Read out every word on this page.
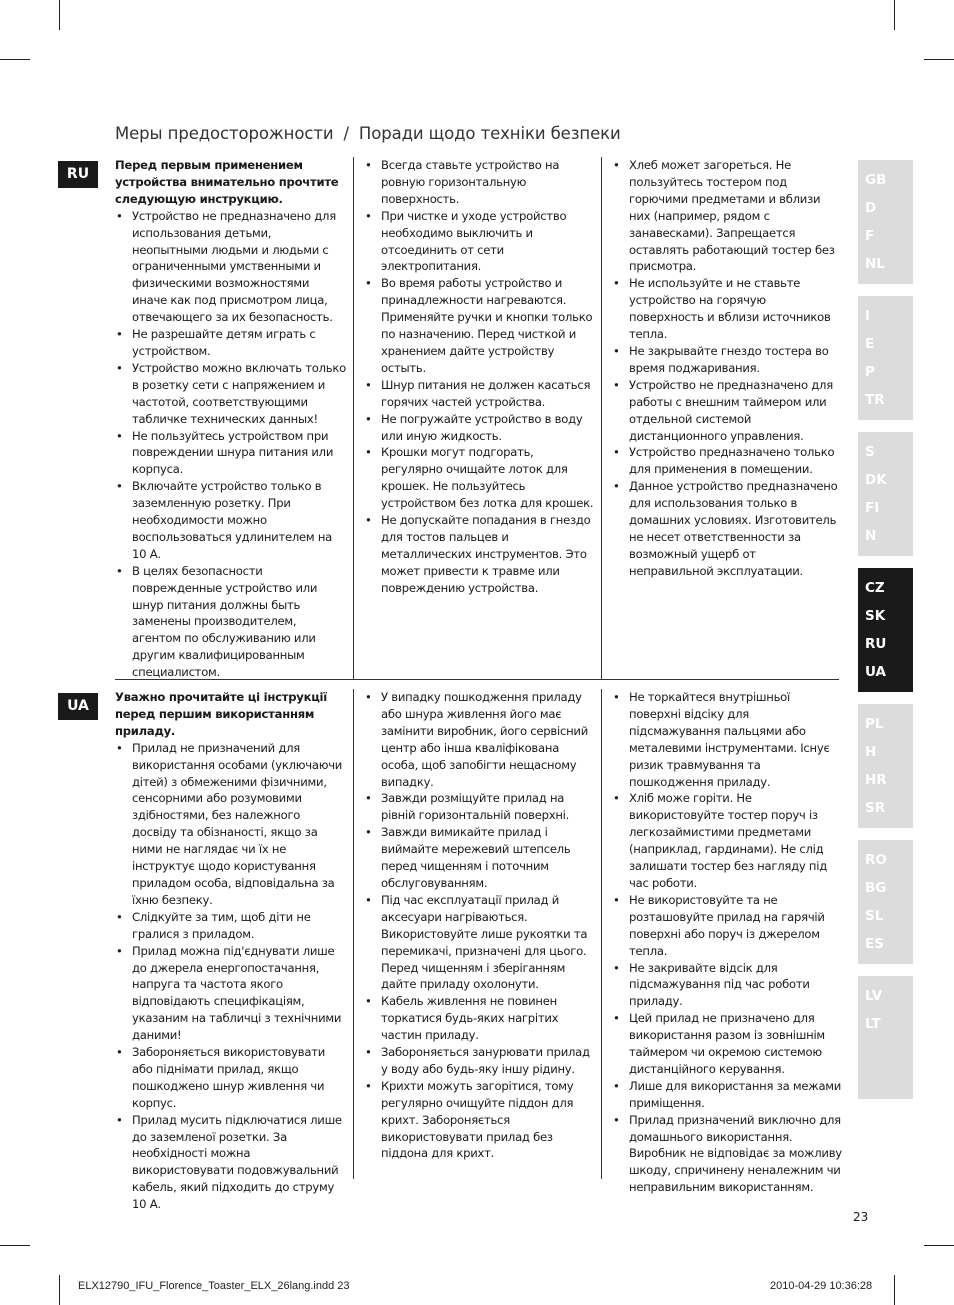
Меры предосторожности / Поради щодо техніки безпеки
RU
Перед первым применением устройства внимательно прочтите следующую инструкцию.
• Устройство не предназначено для использования детьми, неопытными людьми и людьми с ограниченными умственными и физическими возможностями иначе как под присмотром лица, отвечающего за их безопасность.
• Не разрешайте детям играть с устройством.
• Устройство можно включать только в розетку сети с напряжением и частотой, соответствующими табличке технических данных!
• Не пользуйтесь устройством при повреждении шнура питания или корпуса.
• Включайте устройство только в заземленную розетку. При необходимости можно воспользоваться удлинителем на 10 А.
• В целях безопасности поврежденные устройство или шнур питания должны быть заменены производителем, агентом по обслуживанию или другим квалифицированным специалистом.
• Всегда ставьте устройство на ровную горизонтальную поверхность.
• При чистке и уходе устройство необходимо выключить и отсоединить от сети электропитания.
• Во время работы устройство и принадлежности нагреваются. Применяйте ручки и кнопки только по назначению. Перед чисткой и хранением дайте устройству остыть.
• Шнур питания не должен касаться горячих частей устройства.
• Не погружайте устройство в воду или иную жидкость.
• Крошки могут подгорать, регулярно очищайте лоток для крошек. Не пользуйтесь устройством без лотка для крошек.
• Не допускайте попадания в гнездо для тостов пальцев и металлических инструментов. Это может привести к травме или повреждению устройства.
• Хлеб может загореться. Не пользуйтесь тостером под горючими предметами и вблизи них (например, рядом с занавесками). Запрещается оставлять работающий тостер без присмотра.
• Не используйте и не ставьте устройство на горячую поверхность и вблизи источников тепла.
• Не закрывайте гнездо тостера во время поджаривания.
• Устройство не предназначено для работы с внешним таймером или отдельной системой дистанционного управления.
• Устройство предназначено только для применения в помещении.
• Данное устройство предназначено для использования только в домашних условиях. Изготовитель не несет ответственности за возможный ущерб от неправильной эксплуатации.
UA
Уважно прочитайте ці інструкції перед першим використанням приладу.
• Прилад не призначений для використання особами (уключаючи дітей) з обмеженими фізичними, сенсорними або розумовими здібностями, без належного досвіду та обізнаності, якщо за ними не наглядає чи їх не інструктує щодо користування приладом особа, відповідальна за їхню безпеку.
• Слідкуйте за тим, щоб діти не гралися з приладом.
• Прилад можна під'єднувати лише до джерела енергопостачання, напруга та частота якого відповідають специфікаціям, указаним на табличці з технічними даними!
• Забороняється використовувати або піднімати прилад, якщо пошкоджено шнур живлення чи корпус.
• Прилад мусить підключатися лише до заземленої розетки. За необхідності можна використовувати подовжувальний кабель, який підходить до струму 10 А.
• У випадку пошкодження приладу або шнура живлення його має замінити виробник, його сервісний центр або інша кваліфікована особа, щоб запобігти нещасному випадку.
• Завжди розміщуйте прилад на рівній горизонтальній поверхні.
• Завжди вимикайте прилад і виймайте мережевий штепсель перед чищенням і поточним обслуговуванням.
• Під час експлуатації прилад й аксесуари нагріваються. Використовуйте лише рукоятки та перемикачі, призначені для цього. Перед чищенням і зберіганням дайте приладу охолонути.
• Кабель живлення не повинен торкатися будь-яких нагрітих частин приладу.
• Забороняється занурювати прилад у воду або будь-яку іншу рідину.
• Крихти можуть загорітися, тому регулярно очищуйте піддон для крихт. Забороняється використовувати прилад без піддона для крихт.
• Не торкайтеся внутрішньої поверхні відсіку для підсмажування пальцями або металевими інструментами. Існує ризик травмування та пошкодження приладу.
• Хліб може горіти. Не використовуйте тостер поруч із легкозаймистими предметами (наприклад, гардинами). Не слід залишати тостер без нагляду під час роботи.
• Не використовуйте та не розташовуйте прилад на гарячій поверхні або поруч із джерелом тепла.
• Не закривайте відсік для підсмажування під час роботи приладу.
• Цей прилад не призначено для використання разом із зовнішнім таймером чи окремою системою дистанційного керування.
• Лише для використання за межами приміщення.
• Прилад призначений виключно для домашнього використання. Виробник не відповідає за можливу шкоду, спричинену неналежним чи неправильним використанням.
GB
D
F
NL
I
E
P
TR
S
DK
FI
N
CZ
SK
RU
UA
PL
H
HR
SR
RO
BG
SL
ES
LV
LT
23
ELX12790_IFU_Florence_Toaster_ELX_26lang.indd 23	2010-04-29 10:36:28
